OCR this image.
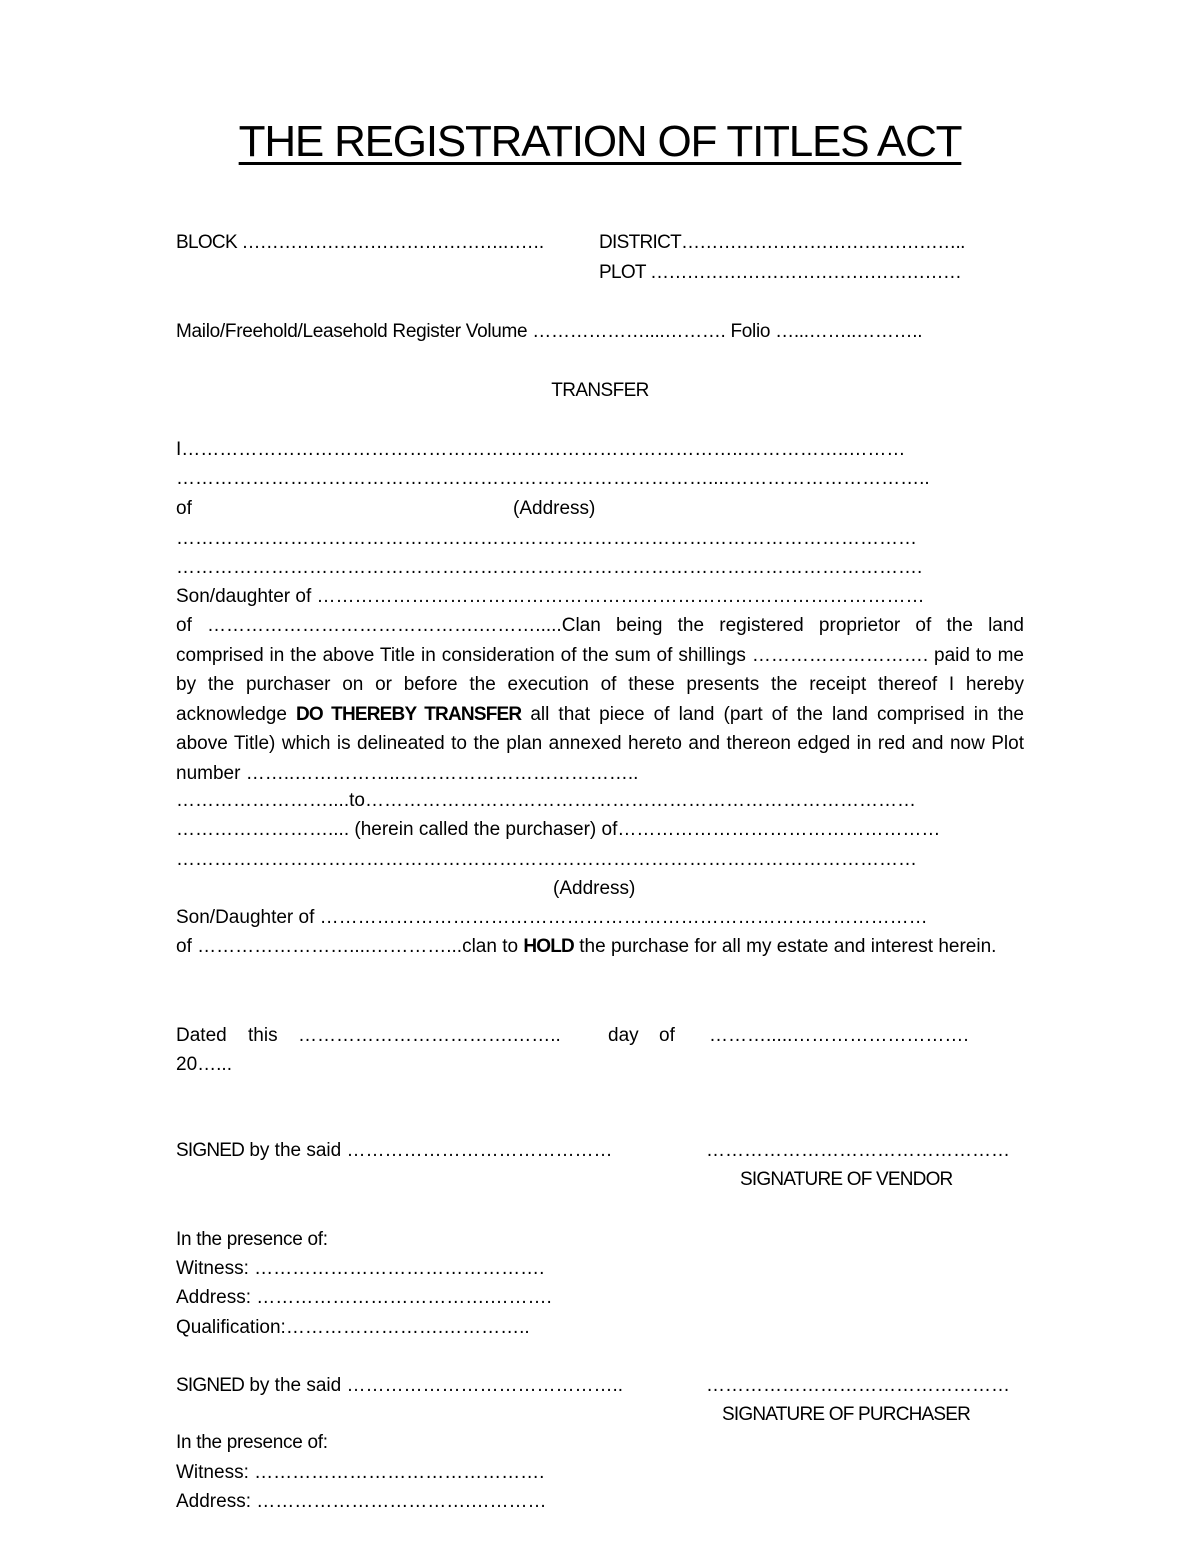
THE REGISTRATION OF TITLES ACT
BLOCK …………………………………….…….	DISTRICT………………………………………..
PLOT ……………………………………………
Mailo/Freehold/Leasehold Register Volume ………………....………. Folio …...……..………..
TRANSFER
I……………………………………………………………………………..……………..………
…………………………………………………………………………....…………………………..
of	(Address)
………………………………………………………………………………………………………
……………………………………………………………………………………………………….
Son/daughter of ……………………………………………………………………………………
of …………………………………….……….....Clan being the registered proprietor of the land comprised in the above Title in consideration of the sum of shillings ………………………. paid to me by the purchaser on or before the execution of these presents the receipt thereof I hereby acknowledge DO THEREBY TRANSFER all that piece of land (part of the land comprised in the above Title) which is delineated to the plan annexed hereto and thereon edged in red and now Plot number ……..……………..………………………………..
……………………....to……………………………………………………………………………
…………………….... (herein called the purchaser) of……………………………………………
………………………………………………………………………………………………………
(Address)
Son/Daughter of ……………………………………………………………………………………
of ……………………....…………...clan to HOLD the purchase for all my estate and interest herein.
Dated this …………………………….…….. day of ……….....……………………….
20…...
SIGNED by the said ……………………………………	…………………………………………
SIGNATURE OF VENDOR
In the presence of:
Witness: ……………………………………….
Address: ……………………………….……….
Qualification:…………………….…………..
SIGNED by the said ……………………………………..	…………………………………………
SIGNATURE OF PURCHASER
In the presence of:
Witness: ……………………………………….
Address: …………………………….…………
